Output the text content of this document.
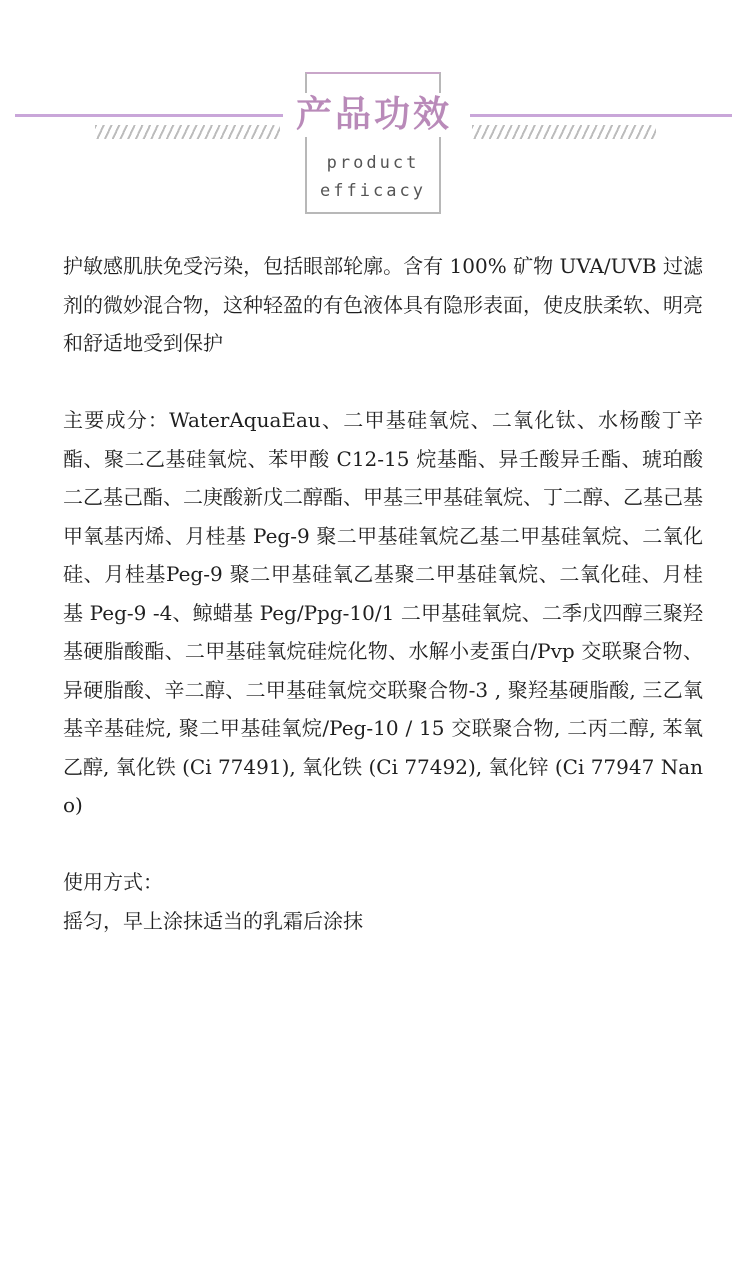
产品功效
product
efficacy

护敏感肌肤免受污染，包括眼部轮廓。含有 100% 矿物 UVA/UVB 过滤剂的微妙混合物，这种轻盈的有色液体具有隐形表面，使皮肤柔软、明亮和舒适地受到保护

主要成分：WaterAquaEau、二甲基硅氧烷、二氧化钛、水杨酸丁辛酯、聚二乙基硅氧烷、苯甲酸 C12-15 烷基酯、异壬酸异壬酯、琥珀酸二乙基己酯、二庚酸新戊二醇酯、甲基三甲基硅氧烷、丁二醇、乙基己基甲氧基丙烯、月桂基 Peg-9 聚二甲基硅氧烷乙基二甲基硅氧烷、二氧化硅、月桂基Peg-9 聚二甲基硅氧乙基聚二甲基硅氧烷、二氧化硅、月桂基 Peg-9 -4、鲸蜡基 Peg/Ppg-10/1 二甲基硅氧烷、二季戊四醇三聚羟基硬脂酸酯、二甲基硅氧烷硅烷化物、水解小麦蛋白/Pvp 交联聚合物、异硬脂酸、辛二醇、二甲基硅氧烷交联聚合物-3 , 聚羟基硬脂酸, 三乙氧基辛基硅烷, 聚二甲基硅氧烷/Peg-10 / 15 交联聚合物, 二丙二醇, 苯氧乙醇, 氧化铁 (Ci 77491), 氧化铁 (Ci 77492), 氧化锌 (Ci 77947 Nano)

使用方式：

摇匀，早上涂抹适当的乳霜后涂抹
